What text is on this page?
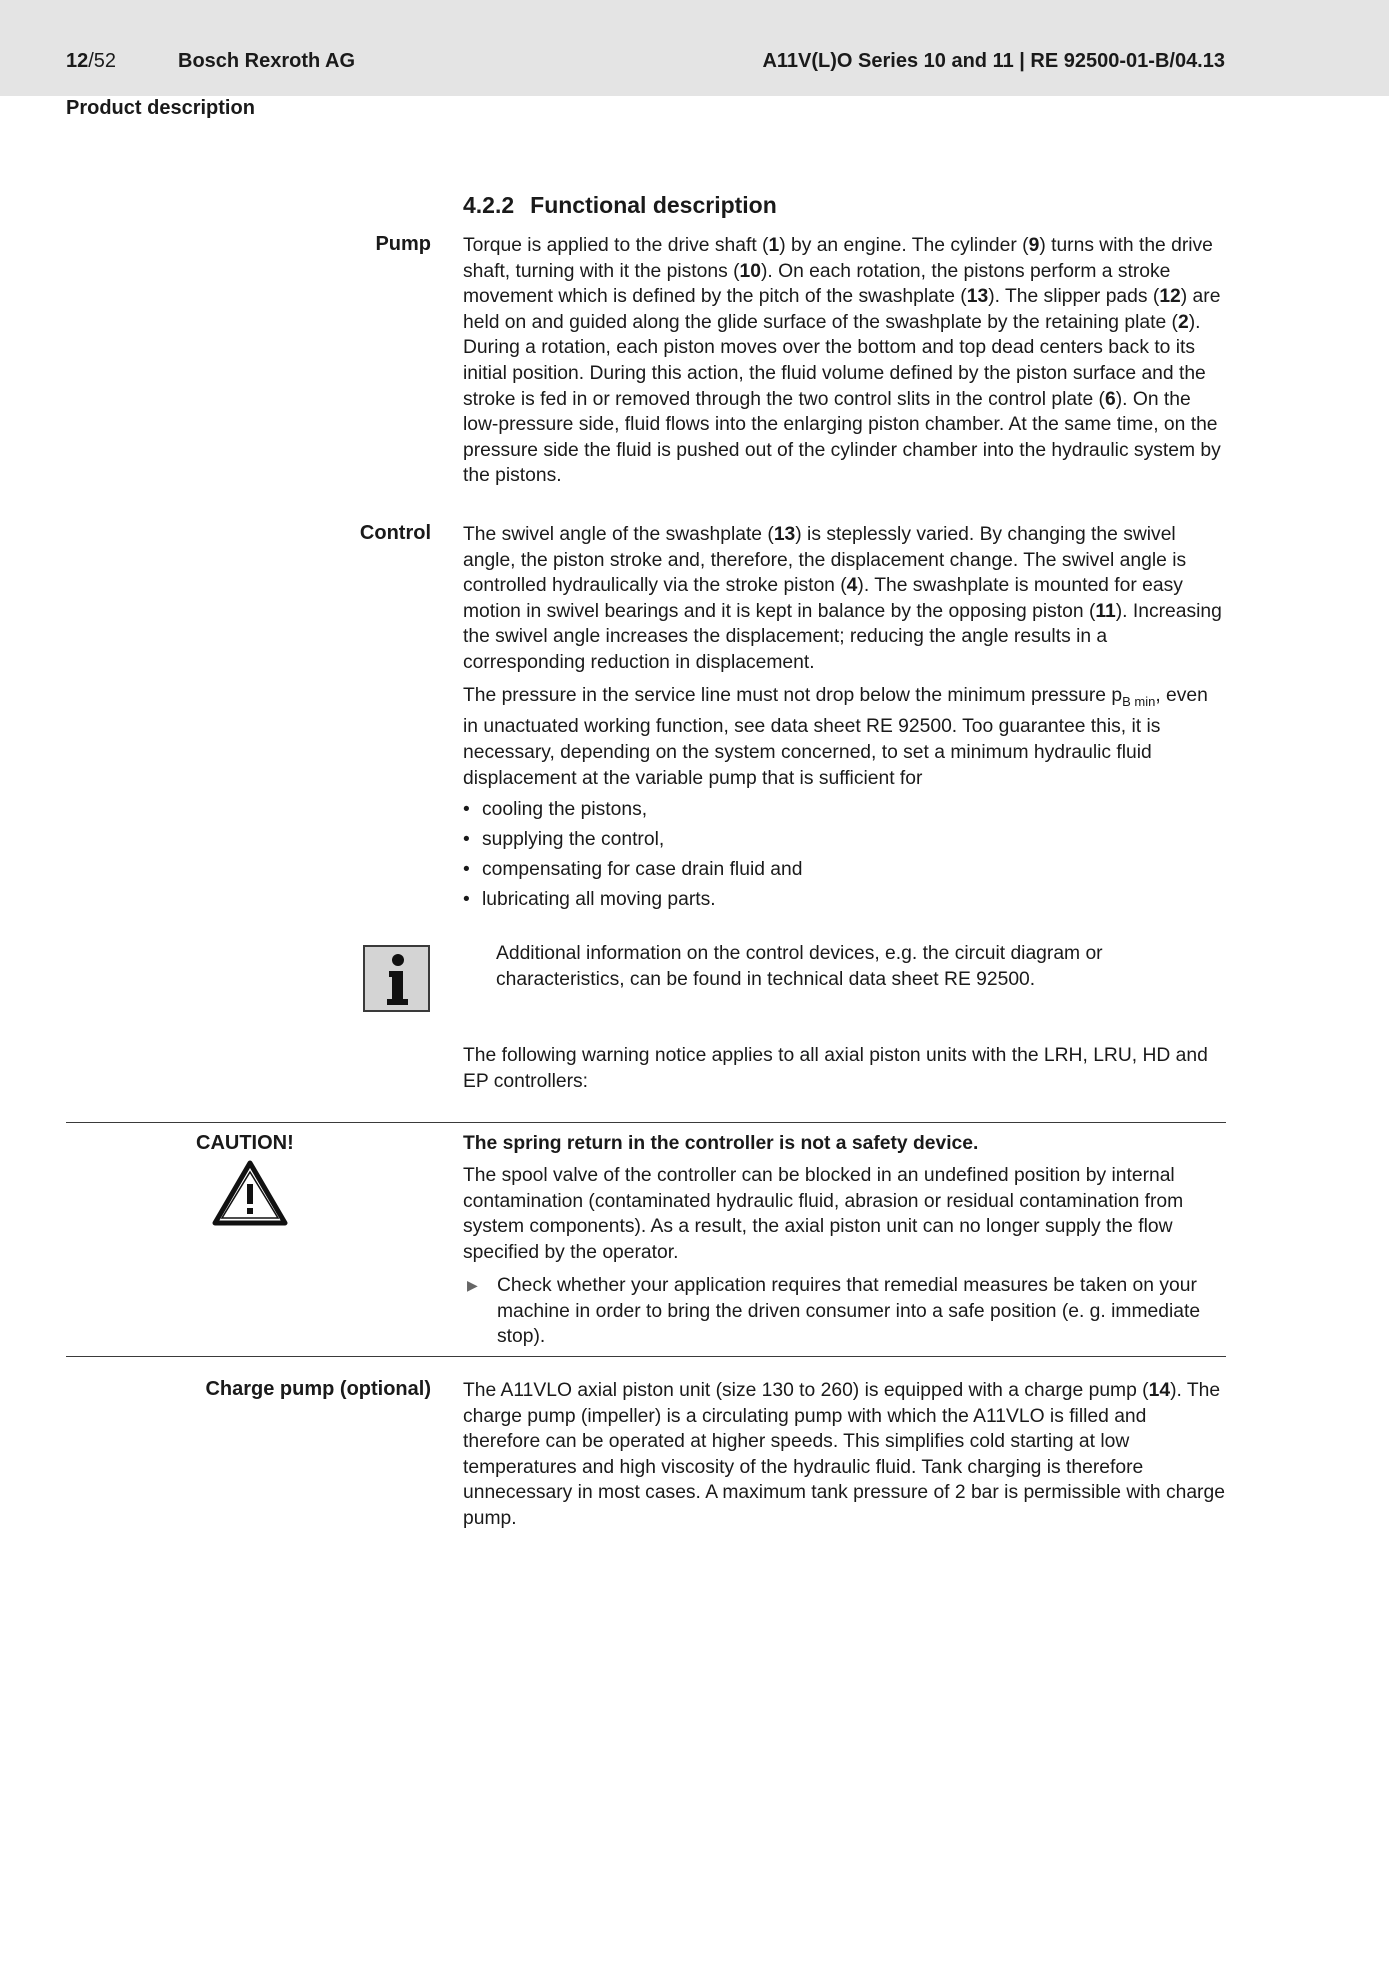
12/52	Bosch Rexroth AG	A11V(L)O Series 10 and 11 | RE 92500-01-B/04.13
Product description
4.2.2 Functional description
Pump Torque is applied to the drive shaft (1) by an engine. The cylinder (9) turns with the drive shaft, turning with it the pistons (10). On each rotation, the pistons perform a stroke movement which is defined by the pitch of the swashplate (13). The slipper pads (12) are held on and guided along the glide surface of the swashplate by the retaining plate (2). During a rotation, each piston moves over the bottom and top dead centers back to its initial position. During this action, the fluid volume defined by the piston surface and the stroke is fed in or removed through the two control slits in the control plate (6). On the low-pressure side, fluid flows into the enlarging piston chamber. At the same time, on the pressure side the fluid is pushed out of the cylinder chamber into the hydraulic system by the pistons.

Control The swivel angle of the swashplate (13) is steplessly varied. By changing the swivel angle, the piston stroke and, therefore, the displacement change. The swivel angle is controlled hydraulically via the stroke piston (4). The swashplate is mounted for easy motion in swivel bearings and it is kept in balance by the opposing piston (11). Increasing the swivel angle increases the displacement; reducing the angle results in a corresponding reduction in displacement.

The pressure in the service line must not drop below the minimum pressure $p_{B min}$, even in unactuated working function, see data sheet RE 92500. Too guarantee this, it is necessary, depending on the system concerned, to set a minimum hydraulic fluid displacement at the variable pump that is sufficient for

• cooling the pistons,
• supplying the control,
• compensating for case drain fluid and
• lubricating all moving parts.

Additional information on the control devices, e.g. the circuit diagram or characteristics, can be found in technical data sheet RE 92500.

The following warning notice applies to all axial piston units with the LRH, LRU, HD and EP controllers:

CAUTION!	The spring return in the controller is not a safety device.

The spool valve of the controller can be blocked in an undefined position by internal contamination (contaminated hydraulic fluid, abrasion or residual contamination from system components). As a result, the axial piston unit can no longer supply the flow specified by the operator.

▶ Check whether your application requires that remedial measures be taken on your machine in order to bring the driven consumer into a safe position (e. g. immediate stop).
Charge pump (optional) The A11VLO axial piston unit (size 130 to 260) is equipped with a charge pump (14). The charge pump (impeller) is a circulating pump with which the A11VLO is filled and therefore can be operated at higher speeds. This simplifies cold starting at low temperatures and high viscosity of the hydraulic fluid. Tank charging is therefore unnecessary in most cases. A maximum tank pressure of 2 bar is permissible with charge pump.
